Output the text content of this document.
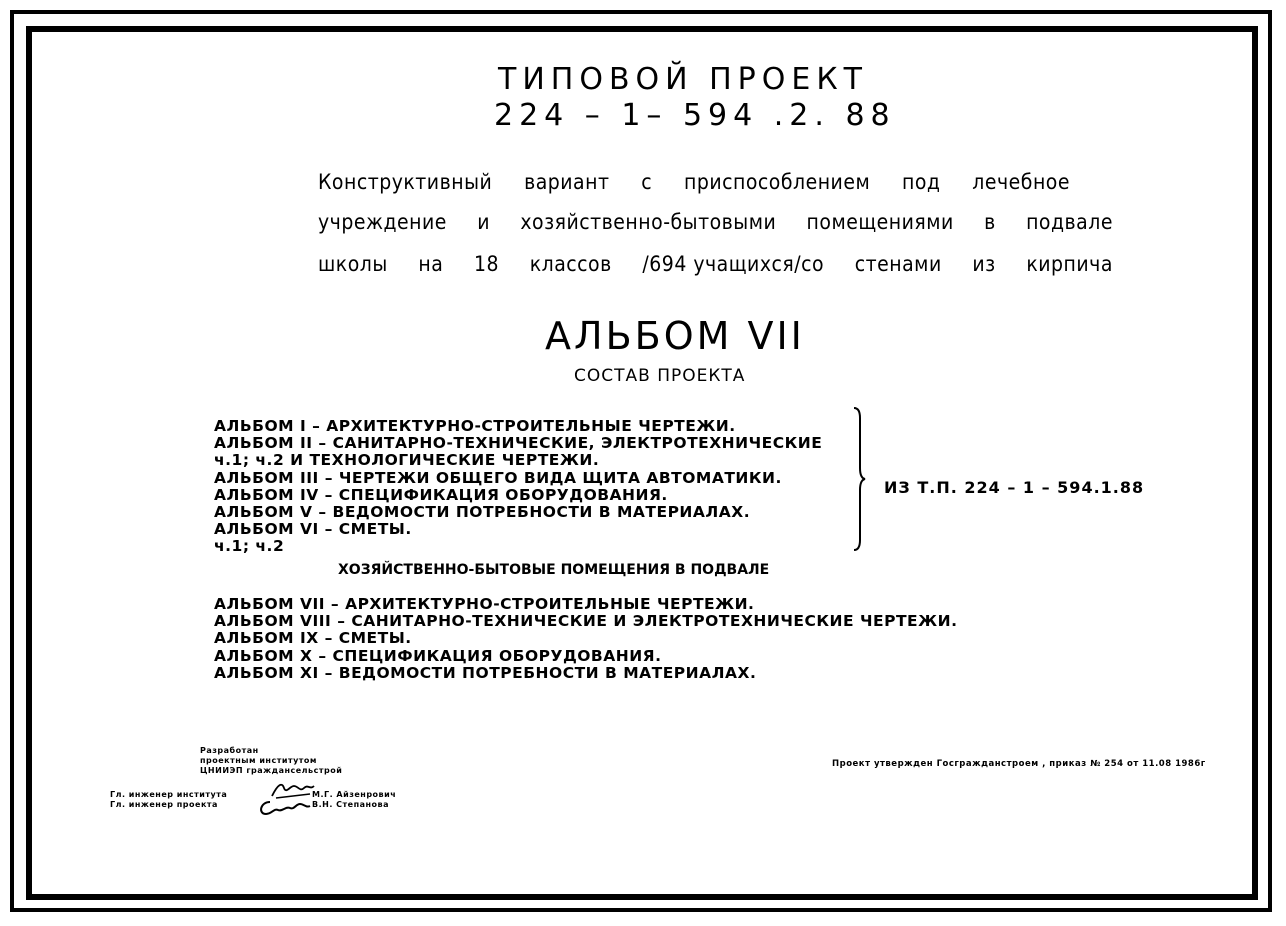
ТИПОВОЙ ПРОЕКТ
224 – 1– 594 .2. 88
Конструктивный вариант с приспособлением под лечебное
учреждение и хозяйственно-бытовыми помещениями в подвале
школы на 18 классов /694 учащихся/со стенами из кирпича
АЛЬБОМ VII
СОСТАВ ПРОЕКТА
АЛЬБОМ I – АРХИТЕКТУРНО-СТРОИТЕЛЬНЫЕ ЧЕРТЕЖИ.
АЛЬБОМ II – САНИТАРНО-ТЕХНИЧЕСКИЕ, ЭЛЕКТРОТЕХНИЧЕСКИЕ
ч.1; ч.2 И ТЕХНОЛОГИЧЕСКИЕ ЧЕРТЕЖИ.
АЛЬБОМ III – ЧЕРТЕЖИ ОБЩЕГО ВИДА ЩИТА АВТОМАТИКИ.
АЛЬБОМ IV – СПЕЦИФИКАЦИЯ ОБОРУДОВАНИЯ.
АЛЬБОМ V – ВЕДОМОСТИ ПОТРЕБНОСТИ В МАТЕРИАЛАХ.
АЛЬБОМ VI – СМЕТЫ.
ч.1; ч.2
ИЗ Т.П. 224 – 1 – 594.1.88
ХОЗЯЙСТВЕННО-БЫТОВЫЕ ПОМЕЩЕНИЯ В ПОДВАЛЕ
АЛЬБОМ VII – АРХИТЕКТУРНО-СТРОИТЕЛЬНЫЕ ЧЕРТЕЖИ.
АЛЬБОМ VIII – САНИТАРНО-ТЕХНИЧЕСКИЕ И ЭЛЕКТРОТЕХНИЧЕСКИЕ ЧЕРТЕЖИ.
АЛЬБОМ IX – СМЕТЫ.
АЛЬБОМ X – СПЕЦИФИКАЦИЯ ОБОРУДОВАНИЯ.
АЛЬБОМ XI – ВЕДОМОСТИ ПОТРЕБНОСТИ В МАТЕРИАЛАХ.
Разработан
проектным институтом
ЦНИИЭП граждансельстрой
Гл. инженер института
Гл. инженер проекта
М.Г. Айзенрович
В.Н. Степанова
Проект утвержден Госгражданстроем , приказ № 254 от 11.08 1986г
